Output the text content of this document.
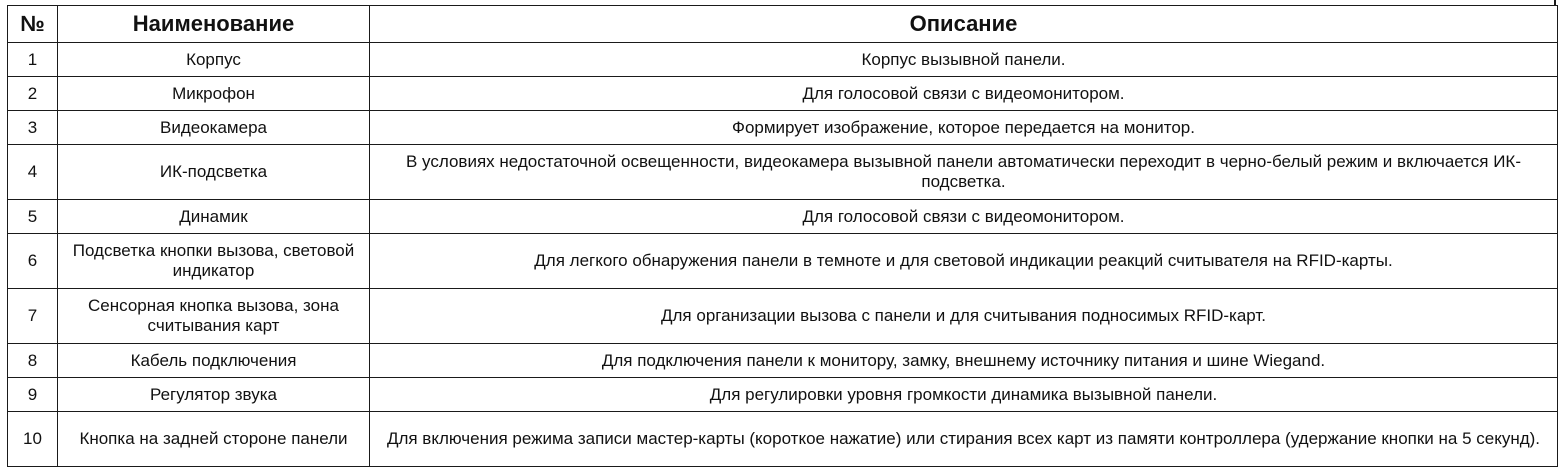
№	Наименование	Описание
1	Корпус	Корпус вызывной панели.
2	Микрофон	Для голосовой связи с видеомонитором.
3	Видеокамера	Формирует изображение, которое передается на монитор.
4	ИК-подсветка	В условиях недостаточной освещенности, видеокамера вызывной панели автоматически переходит в черно-белый режим и включается ИК-подсветка.
5	Динамик	Для голосовой связи с видеомонитором.
6	Подсветка кнопки вызова, световой индикатор	Для легкого обнаружения панели в темноте и для световой индикации реакций считывателя на RFID-карты.
7	Сенсорная кнопка вызова, зона считывания карт	Для организации вызова с панели и для считывания подносимых RFID-карт.
8	Кабель подключения	Для подключения панели к монитору, замку, внешнему источнику питания и шине Wiegand.
9	Регулятор звука	Для регулировки уровня громкости динамика вызывной панели.
10	Кнопка на задней стороне панели	Для включения режима записи мастер-карты (короткое нажатие) или стирания всех карт из памяти контроллера (удержание кнопки на 5 секунд).
